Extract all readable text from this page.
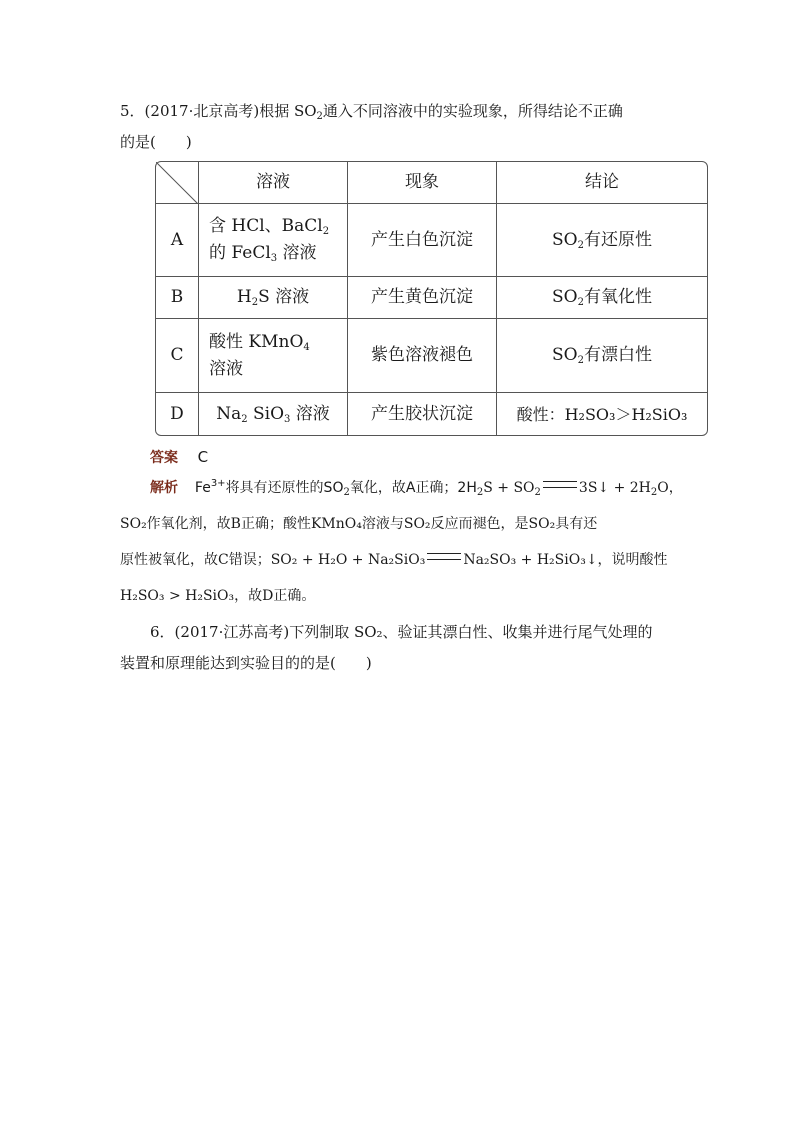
5．(2017·北京高考)根据 $SO_2$通入不同溶液中的实验现象，所得结论不正确
的是(　　)
	溶液	现象	结论
A	含 HCl、BaCl$_2$
的 FeCl$_3$ 溶液	产生白色沉淀	$SO_2$有还原性
B	$H_2S$ 溶液	产生黄色沉淀	$SO_2$有氧化性
C	酸性 KMnO$_4$
溶液	紫色溶液褪色	$SO_2$有漂白性
D	$Na_2$ SiO$_3$ 溶液	产生胶状沉淀	酸性：H₂SO₃＞H₂SiO₃
答案 C
解析 $Fe^{3+}$将具有还原性的$SO_2$氧化，故A正确；$2H_2S + SO_2$	3S↓ + $2H_2O$，
SO₂作氧化剂，故B正确；酸性KMnO₄溶液与SO₂反应而褪色，是SO₂具有还
原性被氧化，故C错误；SO₂ + H₂O + Na₂SiO₃	Na₂SO₃ + H₂SiO₃↓，说明酸性
H₂SO₃ > H₂SiO₃，故D正确。
6．(2017·江苏高考)下列制取 SO₂、验证其漂白性、收集并进行尾气处理的
装置和原理能达到实验目的的是(　　)
